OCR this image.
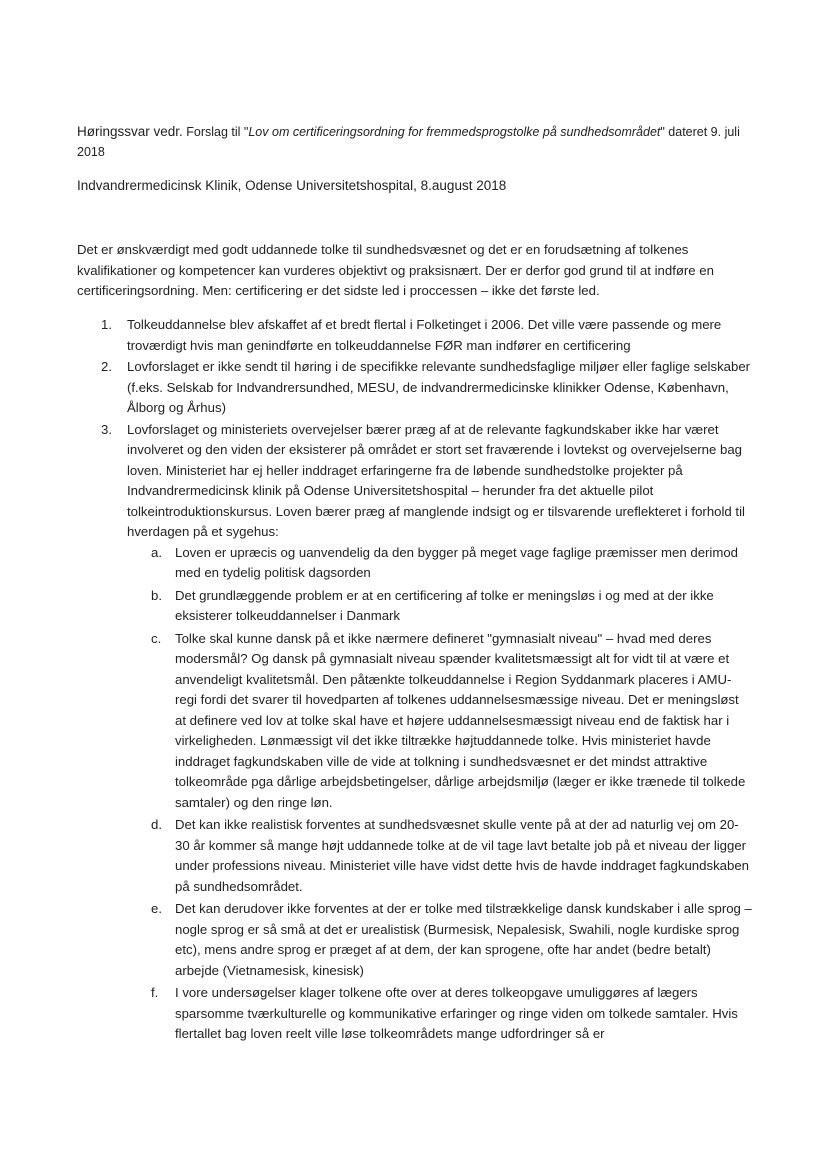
Høringssvar vedr. Forslag til "Lov om certificeringsordning for fremmedsprogstolke på sundhedsområdet" dateret 9. juli 2018
Indvandrermedicinsk Klinik, Odense Universitetshospital, 8.august 2018

Det er ønskværdigt med godt uddannede tolke til sundhedsvæsnet og det er en forudsætning af tolkenes kvalifikationer og kompetencer kan vurderes objektivt og praksisnært. Der er derfor god grund til at indføre en certificeringsordning. Men: certificering er det sidste led i proccessen – ikke det første led.

1. Tolkeuddannelse blev afskaffet af et bredt flertal i Folketinget i 2006. Det ville være passende og mere troværdigt hvis man genindførte en tolkeuddannelse FØR man indfører en certificering
2. Lovforslaget er ikke sendt til høring i de specifikke relevante sundhedsfaglige miljøer eller faglige selskaber (f.eks. Selskab for Indvandrersundhed, MESU, de indvandrermedicinske klinikker Odense, København, Ålborg og Århus)
3. Lovforslaget og ministeriets overvejelser bærer præg af at de relevante fagkundskaber ikke har været involveret og den viden der eksisterer på området er stort set fraværende i lovtekst og overvejelserne bag loven. Ministeriet har ej heller inddraget erfaringerne fra de løbende sundhedstolke projekter på Indvandrermedicinsk klinik på Odense Universitetshospital – herunder fra det aktuelle pilot tolkeintroduktionskursus. Loven bærer præg af manglende indsigt og er tilsvarende ureflekteret i forhold til hverdagen på et sygehus:
a. Loven er upræcis og uanvendelig da den bygger på meget vage faglige præmisser men derimod med en tydelig politisk dagsorden
b. Det grundlæggende problem er at en certificering af tolke er meningsløs i og med at der ikke eksisterer tolkeuddannelser i Danmark
c. Tolke skal kunne dansk på et ikke nærmere defineret "gymnasialt niveau" – hvad med deres modersmål? Og dansk på gymnasialt niveau spænder kvalitetsmæssigt alt for vidt til at være et anvendeligt kvalitetsmål. Den påtænkte tolkeuddannelse i Region Syddanmark placeres i AMU-regi fordi det svarer til hovedparten af tolkenes uddannelsesmæssige niveau. Det er meningsløst at definere ved lov at tolke skal have et højere uddannelsesmæssigt niveau end de faktisk har i virkeligheden. Lønmæssigt vil det ikke tiltrække højtuddannede tolke. Hvis ministeriet havde inddraget fagkundskaben ville de vide at tolkning i sundhedsvæsnet er det mindst attraktive tolkeområde pga dårlige arbejdsbetingelser, dårlige arbejdsmiljø (læger er ikke trænede til tolkede samtaler) og den ringe løn.
d. Det kan ikke realistisk forventes at sundhedsvæsnet skulle vente på at der ad naturlig vej om 20-30 år kommer så mange højt uddannede tolke at de vil tage lavt betalte job på et niveau der ligger under professions niveau. Ministeriet ville have vidst dette hvis de havde inddraget fagkundskaben på sundhedsområdet.
e. Det kan derudover ikke forventes at der er tolke med tilstrækkelige dansk kundskaber i alle sprog – nogle sprog er så små at det er urealistisk (Burmesisk, Nepalesisk, Swahili, nogle kurdiske sprog etc), mens andre sprog er præget af at dem, der kan sprogene, ofte har andet (bedre betalt) arbejde (Vietnamesisk, kinesisk)
f. I vore undersøgelser klager tolkene ofte over at deres tolkeopgave umuliggøres af lægers sparsomme tværkulturelle og kommunikative erfaringer og ringe viden om tolkede samtaler. Hvis flertallet bag loven reelt ville løse tolkeområdets mange udfordringer så er
